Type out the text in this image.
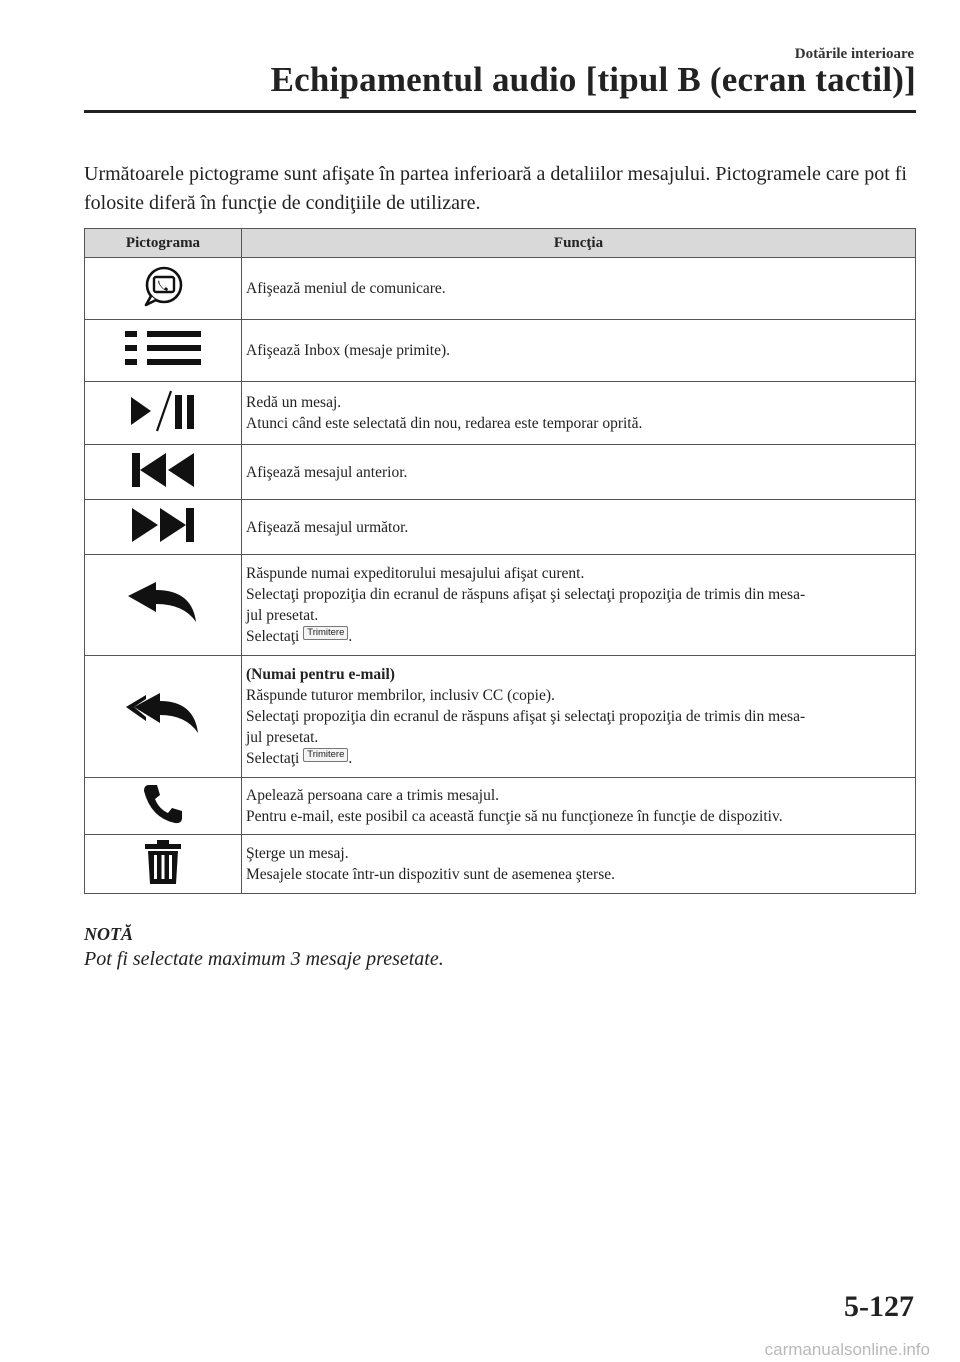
Dotările interioare
Echipamentul audio [tipul B (ecran tactil)]
Următoarele pictograme sunt afişate în partea inferioară a detaliilor mesajului. Pictogramele care pot fi folosite diferă în funcţie de condiţiile de utilizare.
Pictograma	Funcţia

Afişează meniul de comunicare.

Afişează Inbox (mesaje primite).

Redă un mesaj.
Atunci când este selectată din nou, redarea este temporar oprită.

Afişează mesajul anterior.

Afişează mesajul următor.

Răspunde numai expeditorului mesajului afişat curent.
Selectaţi propoziţia din ecranul de răspuns afişat şi selectaţi propoziţia de trimis din mesa-
jul presetat.
Selectaţi Trimitere .

(Numai pentru e-mail)
Răspunde tuturor membrilor, inclusiv CC (copie).
Selectaţi propoziţia din ecranul de răspuns afişat şi selectaţi propoziţia de trimis din mesa-
jul presetat.
Selectaţi Trimitere .

Apelează persoana care a trimis mesajul.
Pentru e-mail, este posibil ca această funcţie să nu funcţioneze în funcţie de dispozitiv.

Şterge un mesaj.
Mesajele stocate într-un dispozitiv sunt de asemenea şterse.
NOTĂ
Pot fi selectate maximum 3 mesaje presetate.
5-127
carmanualsonline.info
